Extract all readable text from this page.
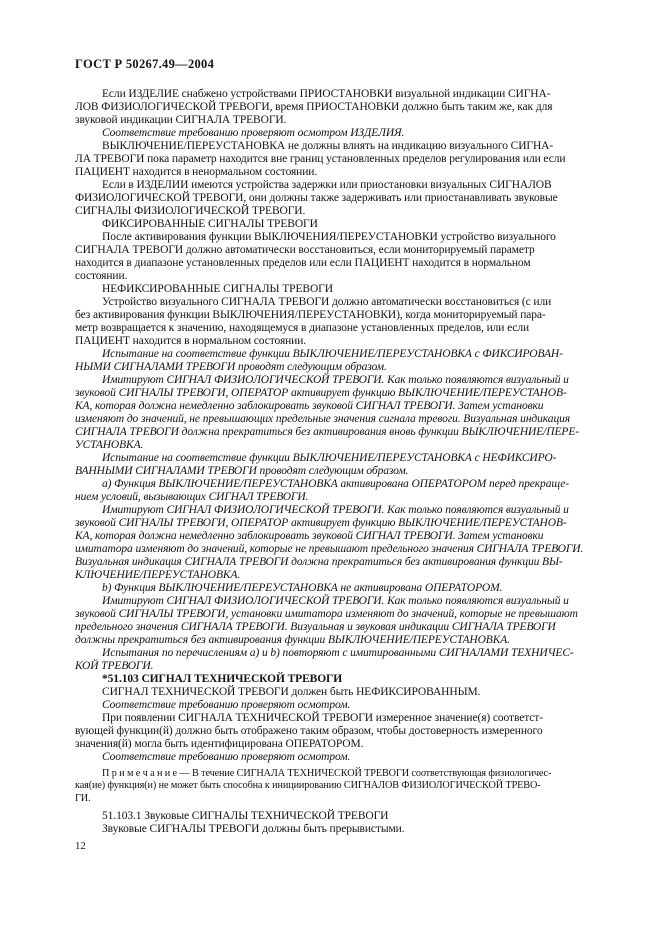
ГОСТ Р 50267.49—2004
Если ИЗДЕЛИЕ снабжено устройствами ПРИОСТАНОВКИ визуальной индикации СИГНА-
ЛОВ ФИЗИОЛОГИЧЕСКОЙ ТРЕВОГИ, время ПРИОСТАНОВКИ должно быть таким же, как для
звуковой индикации СИГНАЛА ТРЕВОГИ.
Соответствие требованию проверяют осмотром ИЗДЕЛИЯ.
ВЫКЛЮЧЕНИЕ/ПЕРЕУСТАНОВКА не должны влиять на индикацию визуального СИГНА-
ЛА ТРЕВОГИ пока параметр находится вне границ установленных пределов регулирования или если
ПАЦИЕНТ находится в ненормальном состоянии.
Если в ИЗДЕЛИИ имеются устройства задержки или приостановки визуальных СИГНАЛОВ
ФИЗИОЛОГИЧЕСКОЙ ТРЕВОГИ, они должны также задерживать или приостанавливать звуковые
СИГНАЛЫ ФИЗИОЛОГИЧЕСКОЙ ТРЕВОГИ.
ФИКСИРОВАННЫЕ СИГНАЛЫ ТРЕВОГИ
После активирования функции ВЫКЛЮЧЕНИЯ/ПЕРЕУСТАНОВКИ устройство визуального
СИГНАЛА ТРЕВОГИ должно автоматически восстановиться, если мониторируемый параметр
находится в диапазоне установленных пределов или если ПАЦИЕНТ находится в нормальном
состоянии.
НЕФИКСИРОВАННЫЕ СИГНАЛЫ ТРЕВОГИ
Устройство визуального СИГНАЛА ТРЕВОГИ должно автоматически восстановиться (с или
без активирования функции ВЫКЛЮЧЕНИЯ/ПЕРЕУСТАНОВКИ), когда мониторируемый пара-
метр возвращается к значению, находящемуся в диапазоне установленных пределов, или если
ПАЦИЕНТ находится в нормальном состоянии.
Испытание на соответствие функции ВЫКЛЮЧЕНИЕ/ПЕРЕУСТАНОВКА с ФИКСИРОВАН-
НЫМИ СИГНАЛАМИ ТРЕВОГИ проводят следующим образом.
Имитируют СИГНАЛ ФИЗИОЛОГИЧЕСКОЙ ТРЕВОГИ. Как только появляются визуальный и
звуковой СИГНАЛЫ ТРЕВОГИ, ОПЕРАТОР активирует функцию ВЫКЛЮЧЕНИЕ/ПЕРЕУСТАНОВ-
КА, которая должна немедленно заблокировать звуковой СИГНАЛ ТРЕВОГИ. Затем установки
изменяют до значений, не превышающих предельные значения сигнала тревоги. Визуальная индикация
СИГНАЛА ТРЕВОГИ должна прекратиться без активирования вновь функции ВЫКЛЮЧЕНИЕ/ПЕРЕ-
УСТАНОВКА.
Испытание на соответствие функции ВЫКЛЮЧЕНИЕ/ПЕРЕУСТАНОВКА с НЕФИКСИРО-
ВАННЫМИ СИГНАЛАМИ ТРЕВОГИ проводят следующим образом.
а) Функция ВЫКЛЮЧЕНИЕ/ПЕРЕУСТАНОВКА активирована ОПЕРАТОРОМ перед прекраще-
нием условий, вызывающих СИГНАЛ ТРЕВОГИ.
Имитируют СИГНАЛ ФИЗИОЛОГИЧЕСКОЙ ТРЕВОГИ. Как только появляются визуальный и
звуковой СИГНАЛЫ ТРЕВОГИ, ОПЕРАТОР активирует функцию ВЫКЛЮЧЕНИЕ/ПЕРЕУСТАНОВ-
КА, которая должна немедленно заблокировать звуковой СИГНАЛ ТРЕВОГИ. Затем установки
имитатора изменяют до значений, которые не превышают предельного значения СИГНАЛА ТРЕВОГИ.
Визуальная индикация СИГНАЛА ТРЕВОГИ должна прекратиться без активирования функции ВЫ-
КЛЮЧЕНИЕ/ПЕРЕУСТАНОВКА.
b) Функция ВЫКЛЮЧЕНИЕ/ПЕРЕУСТАНОВКА не активирована ОПЕРАТОРОМ.
Имитируют СИГНАЛ ФИЗИОЛОГИЧЕСКОЙ ТРЕВОГИ. Как только появляются визуальный и
звуковой СИГНАЛЫ ТРЕВОГИ, установки имитатора изменяют до значений, которые не превышают
предельного значения СИГНАЛА ТРЕВОГИ. Визуальная и звуковая индикации СИГНАЛА ТРЕВОГИ
должны прекратиться без активирования функции ВЫКЛЮЧЕНИЕ/ПЕРЕУСТАНОВКА.
Испытания по перечислениям а) и b) повторяют с имитированными СИГНАЛАМИ ТЕХНИЧЕС-
КОЙ ТРЕВОГИ.
*51.103 СИГНАЛ ТЕХНИЧЕСКОЙ ТРЕВОГИ
СИГНАЛ ТЕХНИЧЕСКОЙ ТРЕВОГИ должен быть НЕФИКСИРОВАННЫМ.
Соответствие требованию проверяют осмотром.
При появлении СИГНАЛА ТЕХНИЧЕСКОЙ ТРЕВОГИ измеренное значение(я) соответст-
вующей функции(й) должно быть отображено таким образом, чтобы достоверность измеренного
значения(й) могла быть идентифицирована ОПЕРАТОРОМ.
Соответствие требованию проверяют осмотром.
П р и м е ч а н и е — В течение СИГНАЛА ТЕХНИЧЕСКОЙ ТРЕВОГИ соответствующая физиологичес-
кая(ие) функция(и) не может быть способна к инициированию СИГНАЛОВ ФИЗИОЛОГИЧЕСКОЙ ТРЕВО-
ГИ.
51.103.1 Звуковые СИГНАЛЫ ТЕХНИЧЕСКОЙ ТРЕВОГИ
Звуковые СИГНАЛЫ ТРЕВОГИ должны быть прерывистыми.
12
